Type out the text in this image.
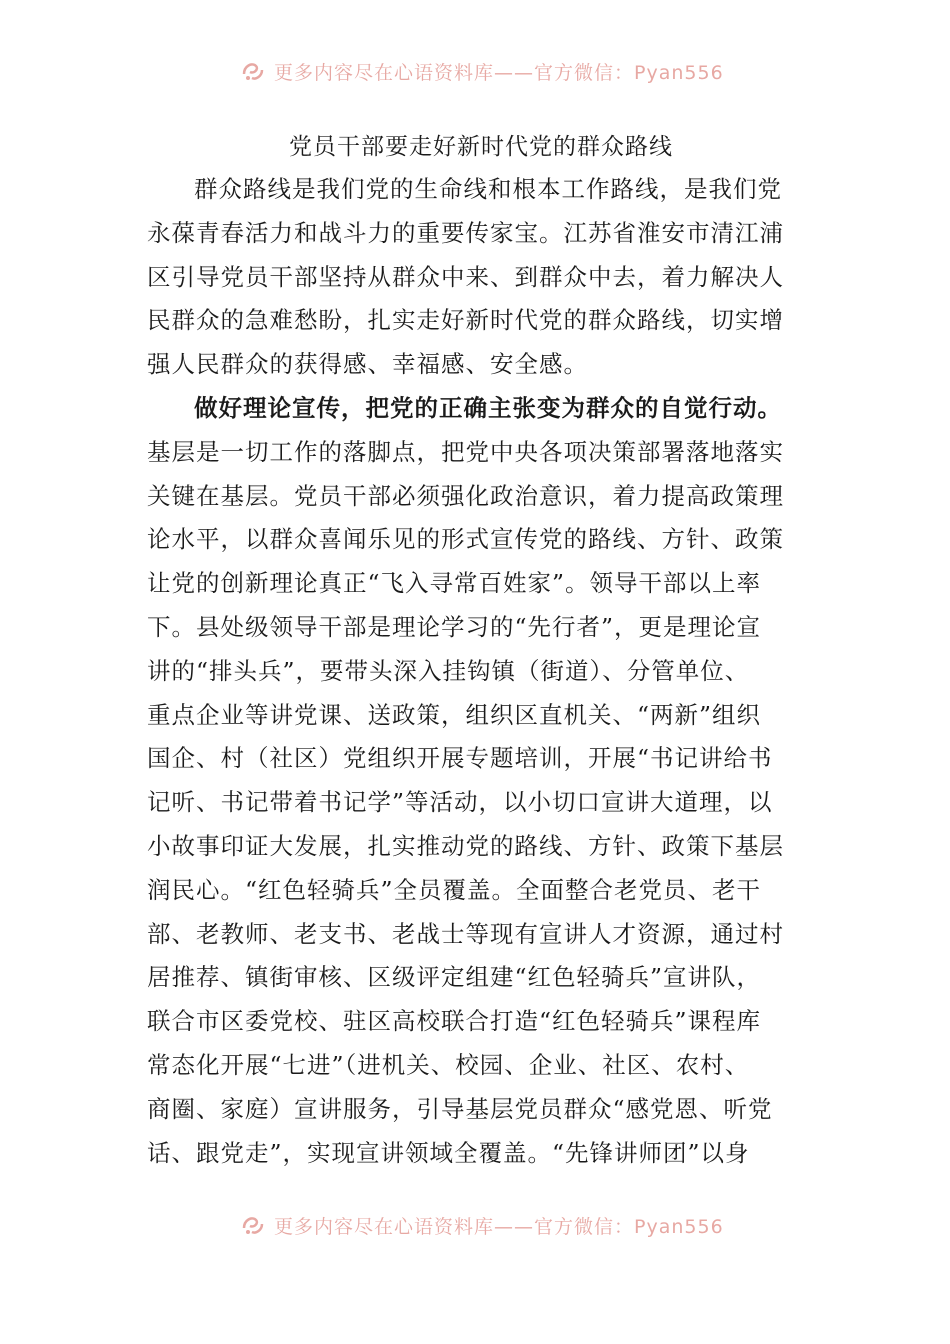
更多内容尽在心语资料库——官方微信：Pyan556
党员干部要走好新时代党的群众路线
群众路线是我们党的生命线和根本工作路线，是我们党
永葆青春活力和战斗力的重要传家宝。江苏省淮安市清江浦
区引导党员干部坚持从群众中来、到群众中去，着力解决人
民群众的急难愁盼，扎实走好新时代党的群众路线，切实增
强人民群众的获得感、幸福感、安全感。
做好理论宣传，把党的正确主张变为群众的自觉行动。
基层是一切工作的落脚点，把党中央各项决策部署落地落实
关键在基层。党员干部必须强化政治意识，着力提高政策理
论水平，以群众喜闻乐见的形式宣传党的路线、方针、政策
让党的创新理论真正“飞入寻常百姓家”。领导干部以上率
下。县处级领导干部是理论学习的“先行者”，更是理论宣
讲的“排头兵”，要带头深入挂钩镇（街道）、分管单位、
重点企业等讲党课、送政策，组织区直机关、“两新”组织
国企、村（社区）党组织开展专题培训，开展“书记讲给书
记听、书记带着书记学”等活动，以小切口宣讲大道理，以
小故事印证大发展，扎实推动党的路线、方针、政策下基层
润民心。“红色轻骑兵”全员覆盖。全面整合老党员、老干
部、老教师、老支书、老战士等现有宣讲人才资源，通过村
居推荐、镇街审核、区级评定组建“红色轻骑兵”宣讲队，
联合市区委党校、驻区高校联合打造“红色轻骑兵”课程库
常态化开展“七进”（进机关、校园、企业、社区、农村、
商圈、家庭）宣讲服务，引导基层党员群众“感党恩、听党
话、跟党走”，实现宣讲领域全覆盖。“先锋讲师团”以身
更多内容尽在心语资料库——官方微信：Pyan556
